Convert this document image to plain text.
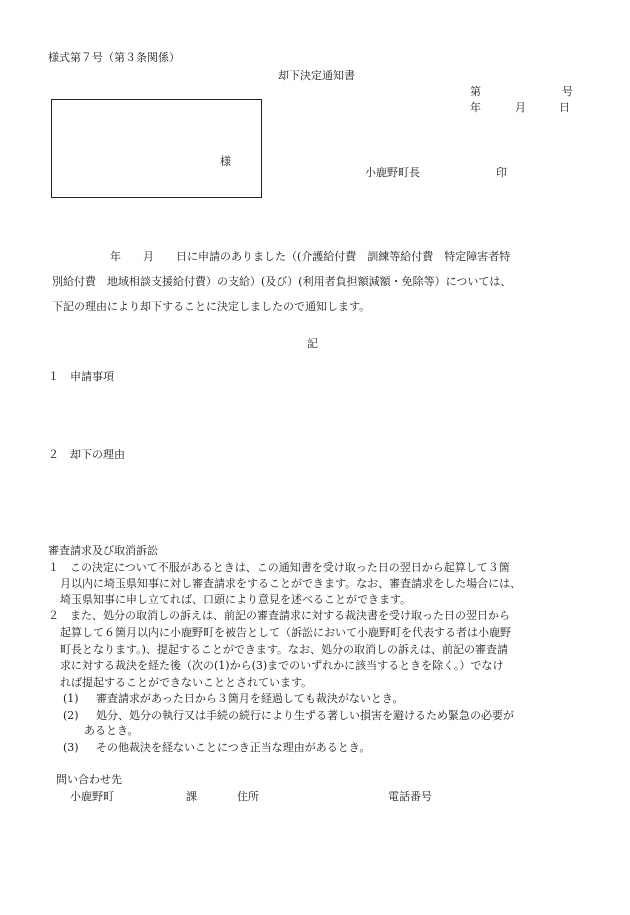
様式第７号（第３条関係）
却下決定通知書
第	号
年	月	日
様
小鹿野町長	印
年　　月　　日に申請のありました（(介護給付費　訓練等給付費　特定障害者特
別給付費　地域相談支援給付費）の支給）(及び）(利用者負担額減額・免除等）については、
下記の理由により却下することに決定しましたので通知します。
記
１ 申請事項
２ 却下の理由
審査請求及び取消訴訟
１ この決定について不服があるときは、この通知書を受け取った日の翌日から起算して３箇
月以内に埼玉県知事に対し審査請求をすることができます。なお、審査請求をした場合には、
埼玉県知事に申し立てれば、口頭により意見を述べることができます。
２ また、処分の取消しの訴えは、前記の審査請求に対する裁決書を受け取った日の翌日から
起算して６箇月以内に小鹿野町を被告として（訴訟において小鹿野町を代表する者は小鹿野
町長となります。)、提起することができます。なお、処分の取消しの訴えは、前記の審査請
求に対する裁決を経た後（次の(1)から(3)までのいずれかに該当するときを除く。）でなけ
れば提起することができないこととされています。
(1) 審査請求があった日から３箇月を経過しても裁決がないとき。
(2) 処分、処分の執行又は手続の続行により生ずる著しい損害を避けるため緊急の必要が
あるとき。
(3) その他裁決を経ないことにつき正当な理由があるとき。
問い合わせ先
小鹿野町	課	住所	電話番号
